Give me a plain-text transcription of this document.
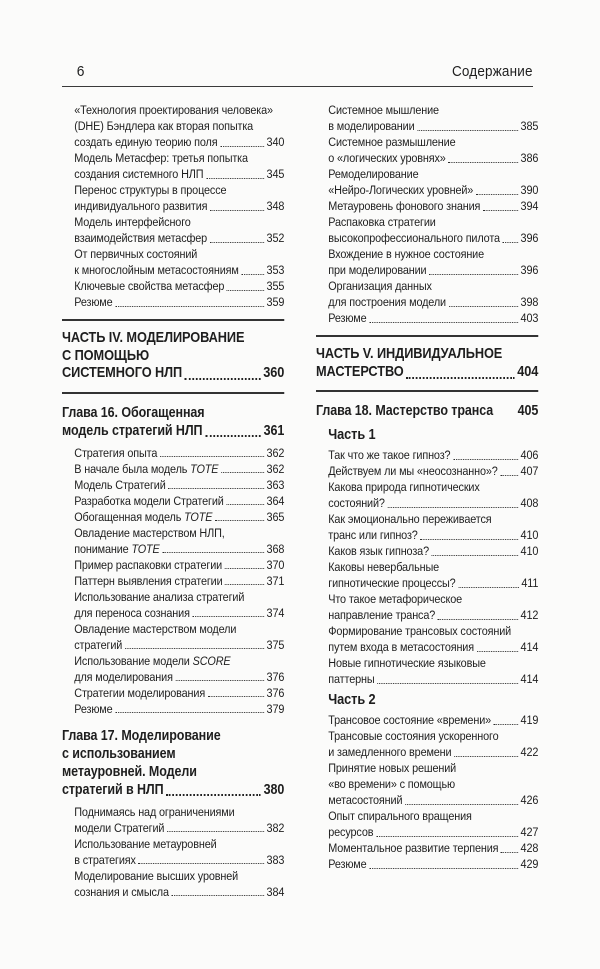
6	Содержание
«Технология проектирования человека»
(DHE) Бэндлера как вторая попытка
создать единую теорию поля	340
Модель Метасфер: третья попытка
создания системного НЛП	345
Перенос структуры в процессе
индивидуального развития	348
Модель интерфейсного
взаимодействия метасфер	352
От первичных состояний
к многослойным метасостояниям 353
Ключевые свойства метасфер	355
Резюме	359
ЧАСТЬ IV. МОДЕЛИРОВАНИЕ
С ПОМОЩЬЮ
СИСТЕМНОГО НЛП	360
Глава 16. Обогащенная
модель стратегий НЛП	361
Стратегия опыта	362
В начале была модель TOTE	362
Модель Стратегий	363
Разработка модели Стратегий	364
Обогащенная модель TOTE	365
Овладение мастерством НЛП,
понимание TOTE	368
Пример распаковки стратегии	370
Паттерн выявления стратегии	371
Использование анализа стратегий
для переноса сознания	374
Овладение мастерством модели
стратегий	375
Использование модели SCORE
для моделирования	376
Стратегии моделирования	376
Резюме	379
Глава 17. Моделирование
с использованием
метауровней. Модели
стратегий в НЛП	380
Поднимаясь над ограничениями
модели Стратегий	382
Использование метауровней
в стратегиях	383
Моделирование высших уровней
сознания и смысла	384
Системное мышление
в моделировании	385
Системное размышление
о «логических уровнях»	386
Ремоделирование
«Нейро-Логических уровней»	390
Метауровень фонового знания	394
Распаковка стратегии
высокопрофессионального пилота 396
Вхождение в нужное состояние
при моделировании	396
Организация данных
для построения модели	398
Резюме	403
ЧАСТЬ V. ИНДИВИДУАЛЬНОЕ
МАСТЕРСТВО	404
Глава 18. Мастерство транса 405
Часть 1
Так что же такое гипноз?	406
Действуем ли мы «неосознанно»? 407
Какова природа гипнотических
состояний?	408
Как эмоционально переживается
транс или гипноз?	410
Каков язык гипноза?	410
Каковы невербальные
гипнотические процессы?	411
Что такое метафорическое
направление транса?	412
Формирование трансовых состояний
путем входа в метасостояния	414
Новые гипнотические языковые
паттерны	414
Часть 2
Трансовое состояние «времени» 419
Трансовые состояния ускоренного
и замедленного времени	422
Принятие новых решений
«во времени» с помощью
метасостояний	426
Опыт спирального вращения
ресурсов	427
Моментальное развитие терпения 428
Резюме	429
